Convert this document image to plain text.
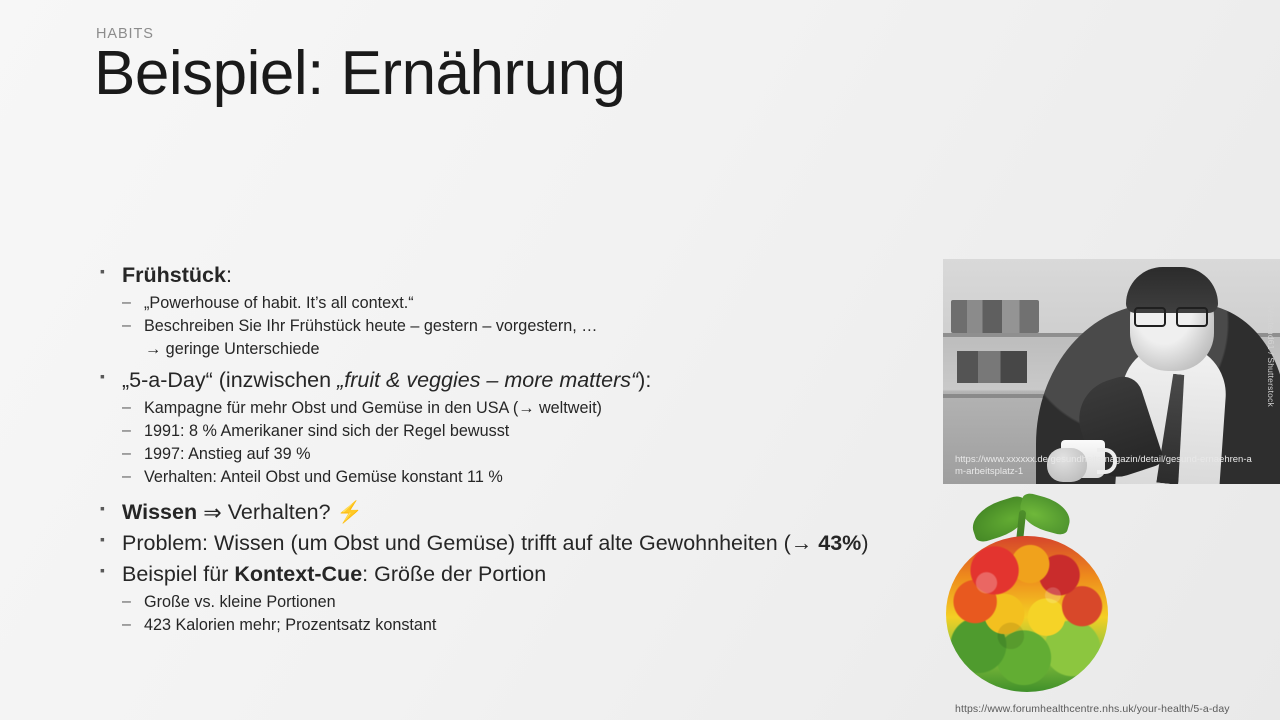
HABITS
Beispiel: Ernährung
▪ Frühstück:
– „Powerhouse of habit. It’s all context.“
– Beschreiben Sie Ihr Frühstück heute – gestern – vorgestern, …
→ geringe Unterschiede
▪ „5-a-Day“ (inzwischen „fruit & veggies – more matters“):
– Kampagne für mehr Obst und Gemüse in den USA (→ weltweit)
– 1991: 8 % Amerikaner sind sich der Regel bewusst
– 1997: Anstieg auf 39 %
– Verhalten: Anteil Obst und Gemüse konstant 11 %
▪ Wissen ⇒ Verhalten? ⚡
▪ Problem: Wissen (um Obst und Gemüse) trifft auf alte Gewohnheiten (→ 43%)
▪ Beispiel für Kontext-Cue: Größe der Portion
– Große vs. kleine Portionen
– 423 Kalorien mehr; Prozentsatz konstant
Westend61 / Shutterstock
https://www.xxxxxx.de/gesundheitsmagazin/detail/gesund-ernaehren-am-arbeitsplatz-1
https://www.forumhealthcentre.nhs.uk/your-health/5-a-day
